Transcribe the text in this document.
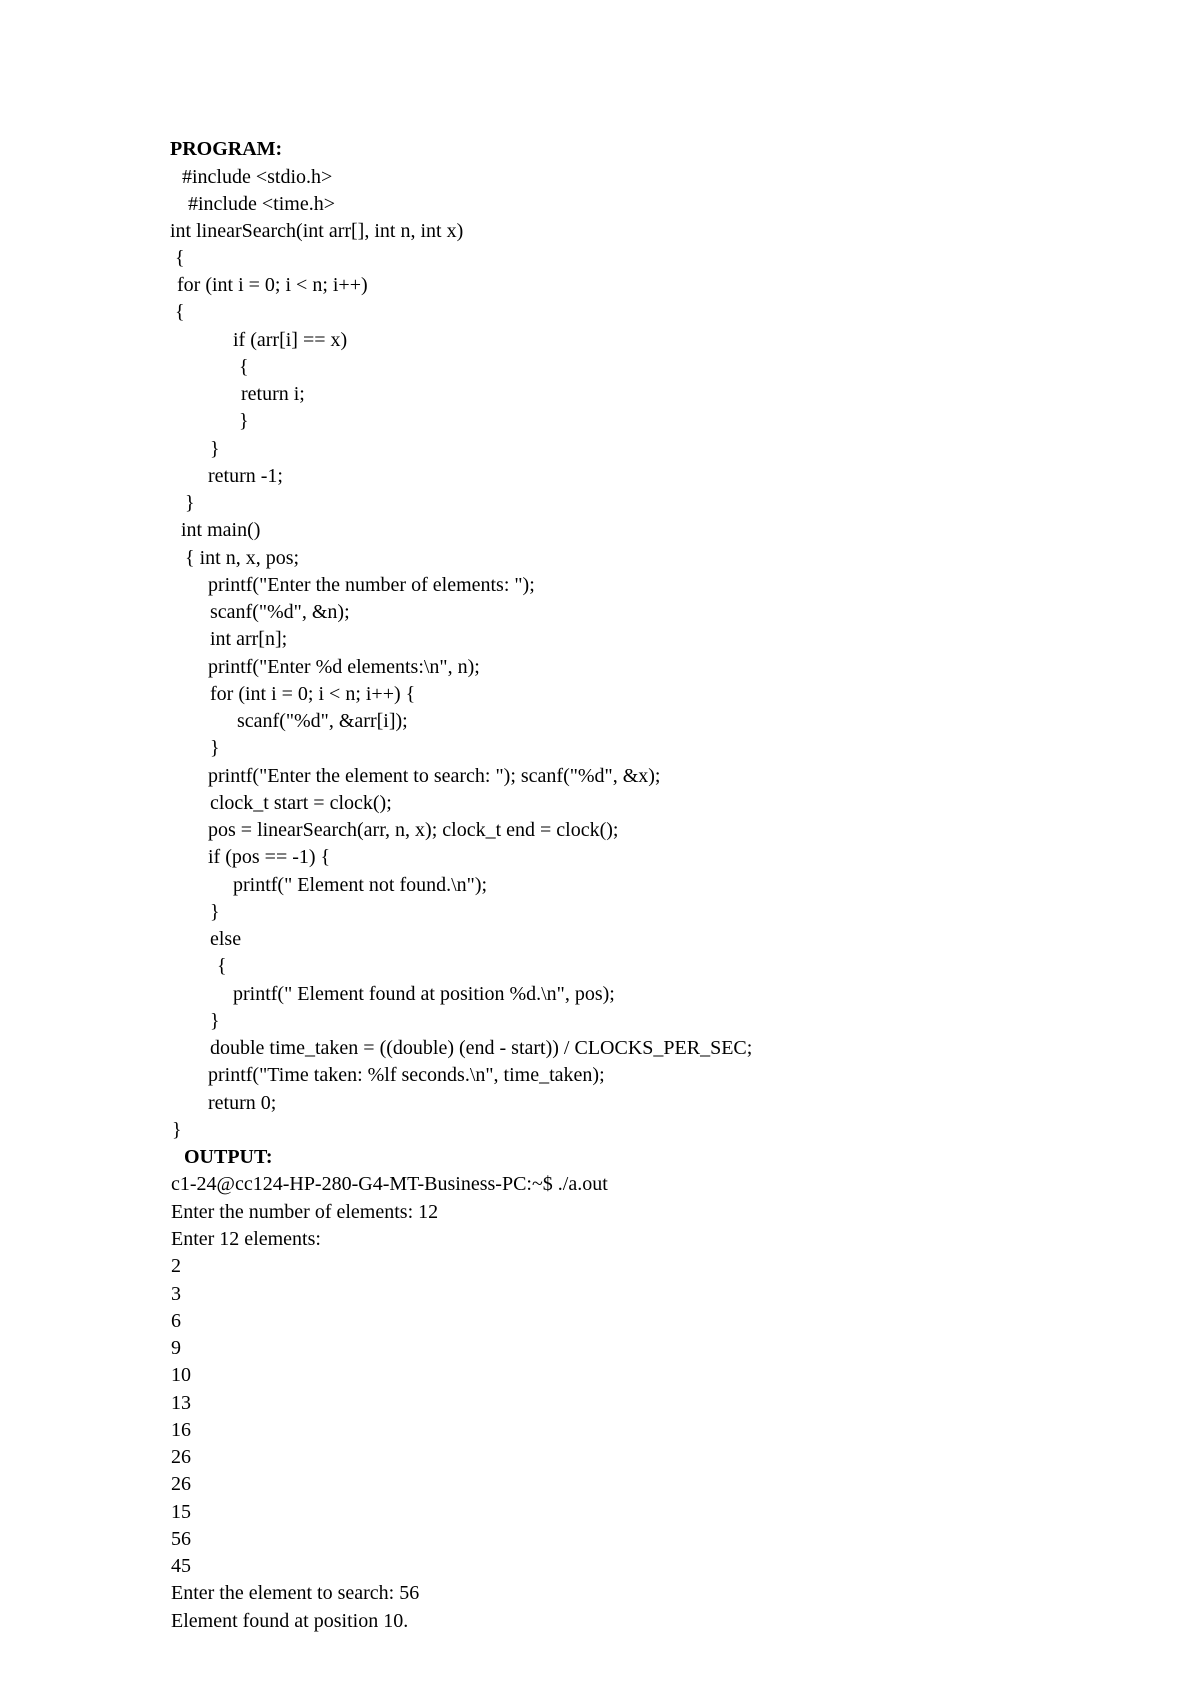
PROGRAM:
#include <stdio.h>
#include <time.h>
int linearSearch(int arr[], int n, int x)
{
for (int i = 0; i < n; i++)
{
if (arr[i] == x)
{
return i;
}
}
return -1;
}
int main()
{ int n, x, pos;
printf("Enter the number of elements: ");
scanf("%d", &n);
int arr[n];
printf("Enter %d elements:\n", n);
for (int i = 0; i < n; i++) {
scanf("%d", &arr[i]);
}
printf("Enter the element to search: "); scanf("%d", &x);
clock_t start = clock();
pos = linearSearch(arr, n, x); clock_t end = clock();
if (pos == -1) {
printf(" Element not found.\n");
}
else
{
printf(" Element found at position %d.\n", pos);
}
double time_taken = ((double) (end - start)) / CLOCKS_PER_SEC;
printf("Time taken: %lf seconds.\n", time_taken);
return 0;
}
OUTPUT:
c1-24@cc124-HP-280-G4-MT-Business-PC:~$ ./a.out
Enter the number of elements: 12
Enter 12 elements:
2
3
6
9
10
13
16
26
26
15
56
45
Enter the element to search: 56
Element found at position 10.
